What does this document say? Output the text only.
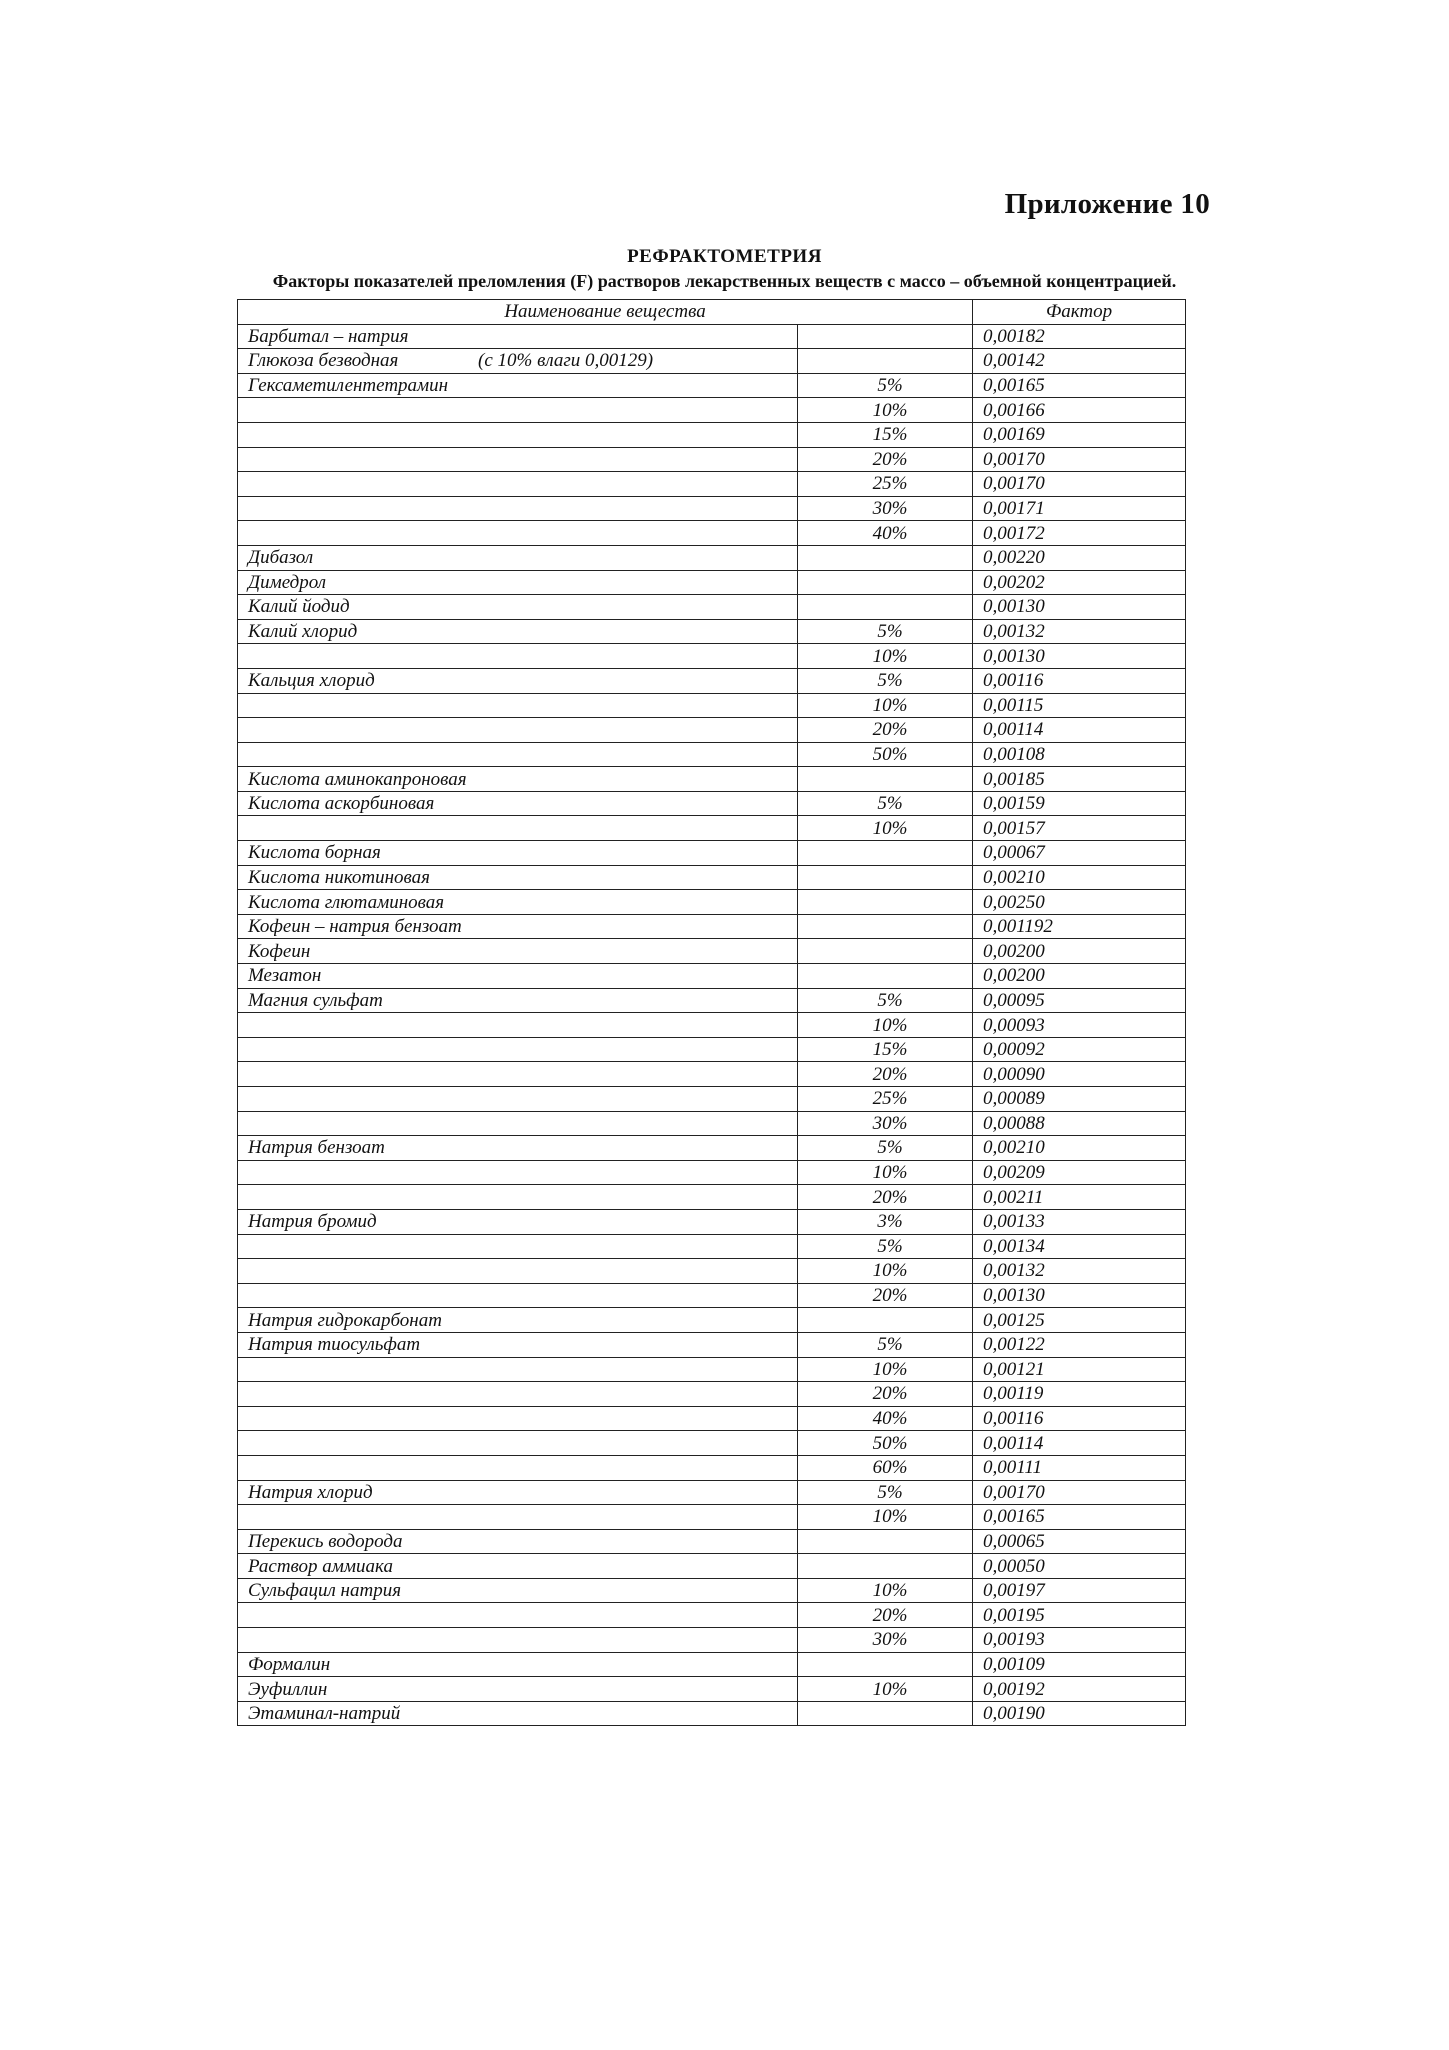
Приложение 10
РЕФРАКТОМЕТРИЯ
Факторы показателей преломления (F) растворов лекарственных веществ с массо – объемной концентрацией.
Наименование вещества		Фактор
Барбитал – натрия		0,00182
Глюкоза безводная (с 10% влаги 0,00129)		0,00142
Гексаметилентетрамин	5%	0,00165
	10%	0,00166
	15%	0,00169
	20%	0,00170
	25%	0,00170
	30%	0,00171
	40%	0,00172
Дибазол		0,00220
Димедрол		0,00202
Калий йодид		0,00130
Калий хлорид	5%	0,00132
	10%	0,00130
Кальция хлорид	5%	0,00116
	10%	0,00115
	20%	0,00114
	50%	0,00108
Кислота аминокапроновая		0,00185
Кислота аскорбиновая	5%	0,00159
	10%	0,00157
Кислота борная		0,00067
Кислота никотиновая		0,00210
Кислота глютаминовая		0,00250
Кофеин – натрия бензоат		0,001192
Кофеин		0,00200
Мезатон		0,00200
Магния сульфат	5%	0,00095
	10%	0,00093
	15%	0,00092
	20%	0,00090
	25%	0,00089
	30%	0,00088
Натрия бензоат	5%	0,00210
	10%	0,00209
	20%	0,00211
Натрия бромид	3%	0,00133
	5%	0,00134
	10%	0,00132
	20%	0,00130
Натрия гидрокарбонат		0,00125
Натрия тиосульфат	5%	0,00122
	10%	0,00121
	20%	0,00119
	40%	0,00116
	50%	0,00114
	60%	0,00111
Натрия хлорид	5%	0,00170
	10%	0,00165
Перекись водорода		0,00065
Раствор аммиака		0,00050
Сульфацил натрия	10%	0,00197
	20%	0,00195
	30%	0,00193
Формалин		0,00109
Эуфиллин	10%	0,00192
Этаминал-натрий		0,00190
